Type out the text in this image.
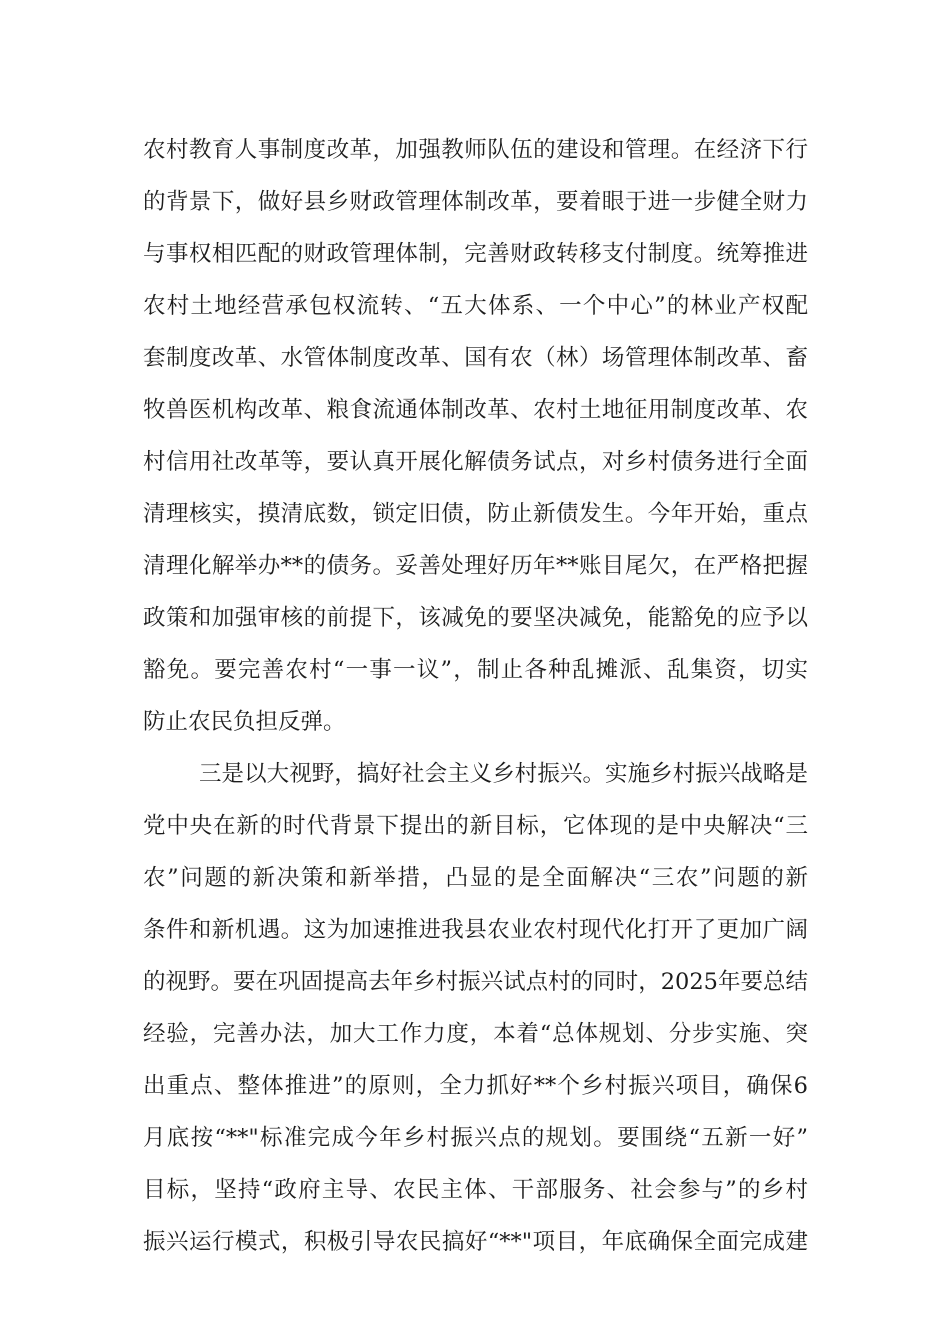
农村教育人事制度改革，加强教师队伍的建设和管理。在经济下行
的背景下，做好县乡财政管理体制改革，要着眼于进一步健全财力
与事权相匹配的财政管理体制，完善财政转移支付制度。统筹推进
农村土地经营承包权流转、“五大体系、一个中心”的林业产权配
套制度改革、水管体制度改革、国有农（林）场管理体制改革、畜
牧兽医机构改革、粮食流通体制改革、农村土地征用制度改革、农
村信用社改革等，要认真开展化解债务试点，对乡村债务进行全面
清理核实，摸清底数，锁定旧债，防止新债发生。今年开始，重点
清理化解举办**的债务。妥善处理好历年**账目尾欠，在严格把握
政策和加强审核的前提下，该减免的要坚决减免，能豁免的应予以
豁免。要完善农村“一事一议”，制止各种乱摊派、乱集资，切实
防止农民负担反弹。
三是以大视野，搞好社会主义乡村振兴。实施乡村振兴战略是
党中央在新的时代背景下提出的新目标，它体现的是中央解决“三
农”问题的新决策和新举措，凸显的是全面解决“三农”问题的新
条件和新机遇。这为加速推进我县农业农村现代化打开了更加广阔
的视野。要在巩固提高去年乡村振兴试点村的同时，2025年要总结
经验，完善办法，加大工作力度，本着“总体规划、分步实施、突
出重点、整体推进”的原则，全力抓好**个乡村振兴项目，确保6
月底按“**"标准完成今年乡村振兴点的规划。要围绕“五新一好”
目标，坚持“政府主导、农民主体、干部服务、社会参与”的乡村
振兴运行模式，积极引导农民搞好“**"项目，年底确保全面完成建
